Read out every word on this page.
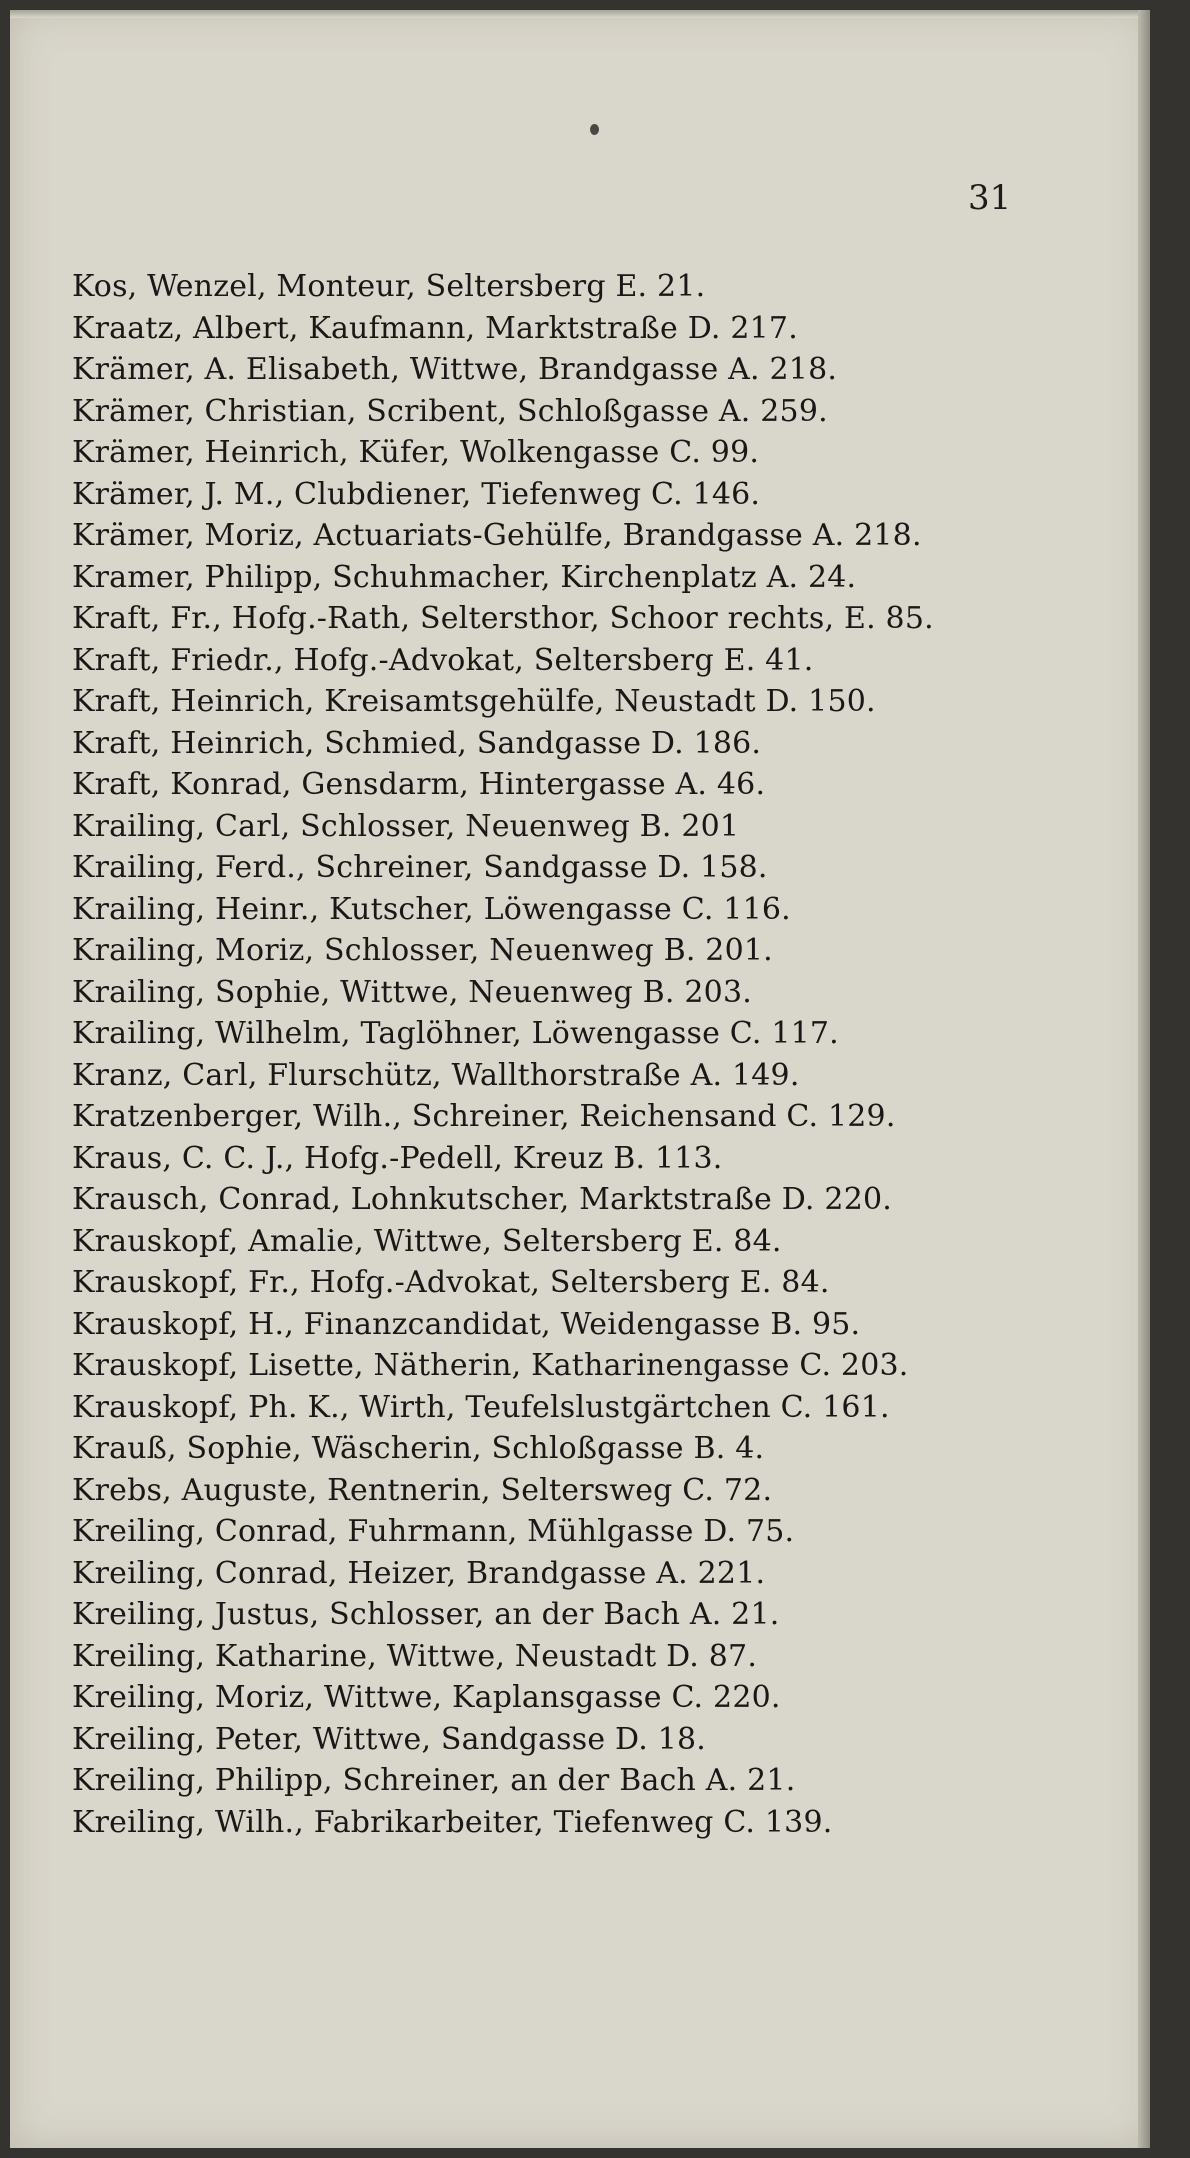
31
Kos, Wenzel, Monteur, Seltersberg E. 21.
Kraatz, Albert, Kaufmann, Marktstraße D. 217.
Krämer, A. Elisabeth, Wittwe, Brandgasse A. 218.
Krämer, Christian, Scribent, Schloßgasse A. 259.
Krämer, Heinrich, Küfer, Wolkengasse C. 99.
Krämer, J. M., Clubdiener, Tiefenweg C. 146.
Krämer, Moriz, Actuariats-Gehülfe, Brandgasse A. 218.
Kramer, Philipp, Schuhmacher, Kirchenplatz A. 24.
Kraft, Fr., Hofg.-Rath, Seltersthor, Schoor rechts, E. 85.
Kraft, Friedr., Hofg.-Advokat, Seltersberg E. 41.
Kraft, Heinrich, Kreisamtsgehülfe, Neustadt D. 150.
Kraft, Heinrich, Schmied, Sandgasse D. 186.
Kraft, Konrad, Gensdarm, Hintergasse A. 46.
Krailing, Carl, Schlosser, Neuenweg B. 201
Krailing, Ferd., Schreiner, Sandgasse D. 158.
Krailing, Heinr., Kutscher, Löwengasse C. 116.
Krailing, Moriz, Schlosser, Neuenweg B. 201.
Krailing, Sophie, Wittwe, Neuenweg B. 203.
Krailing, Wilhelm, Taglöhner, Löwengasse C. 117.
Kranz, Carl, Flurschütz, Wallthorstraße A. 149.
Kratzenberger, Wilh., Schreiner, Reichensand C. 129.
Kraus, C. C. J., Hofg.-Pedell, Kreuz B. 113.
Krausch, Conrad, Lohnkutscher, Marktstraße D. 220.
Krauskopf, Amalie, Wittwe, Seltersberg E. 84.
Krauskopf, Fr., Hofg.-Advokat, Seltersberg E. 84.
Krauskopf, H., Finanzcandidat, Weidengasse B. 95.
Krauskopf, Lisette, Nätherin, Katharinengasse C. 203.
Krauskopf, Ph. K., Wirth, Teufelslustgärtchen C. 161.
Krauß, Sophie, Wäscherin, Schloßgasse B. 4.
Krebs, Auguste, Rentnerin, Seltersweg C. 72.
Kreiling, Conrad, Fuhrmann, Mühlgasse D. 75.
Kreiling, Conrad, Heizer, Brandgasse A. 221.
Kreiling, Justus, Schlosser, an der Bach A. 21.
Kreiling, Katharine, Wittwe, Neustadt D. 87.
Kreiling, Moriz, Wittwe, Kaplansgasse C. 220.
Kreiling, Peter, Wittwe, Sandgasse D. 18.
Kreiling, Philipp, Schreiner, an der Bach A. 21.
Kreiling, Wilh., Fabrikarbeiter, Tiefenweg C. 139.
